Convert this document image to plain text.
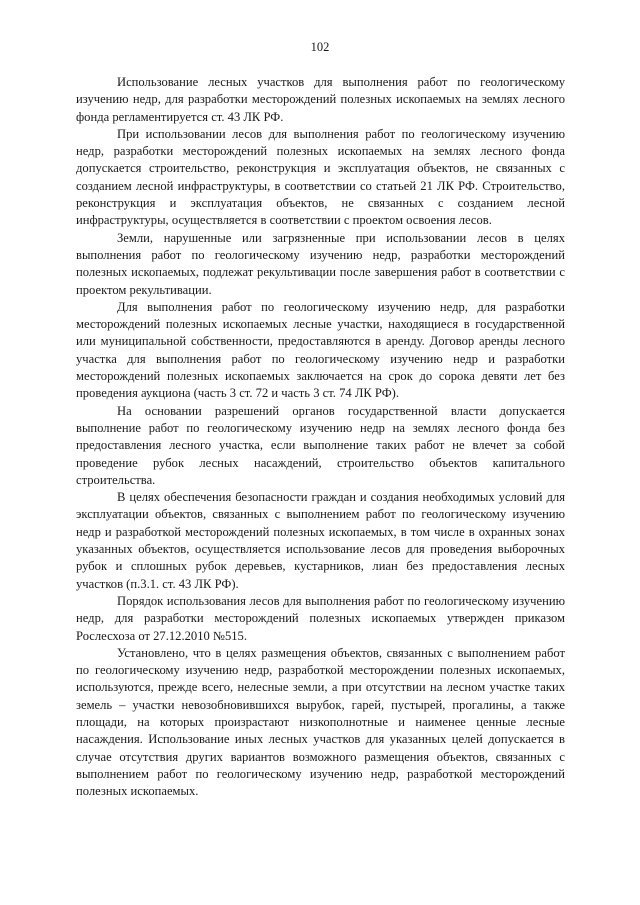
102

Использование лесных участков для выполнения работ по геологическому изучению недр, для разработки месторождений полезных ископаемых на землях лесного фонда регламентируется ст. 43 ЛК РФ.

При использовании лесов для выполнения работ по геологическому изучению недр, разработки месторождений полезных ископаемых на землях лесного фонда допускается строительство, реконструкция и эксплуатация объектов, не связанных с созданием лесной инфраструктуры, в соответствии со статьей 21 ЛК РФ. Строительство, реконструкция и эксплуатация объектов, не связанных с созданием лесной инфраструктуры, осуществляется в соответствии с проектом освоения лесов.

Земли, нарушенные или загрязненные при использовании лесов в целях выполнения работ по геологическому изучению недр, разработки месторождений полезных ископаемых, подлежат рекультивации после завершения работ в соответствии с проектом рекультивации.

Для выполнения работ по геологическому изучению недр, для разработки месторождений полезных ископаемых лесные участки, находящиеся в государственной или муниципальной собственности, предоставляются в аренду. Договор аренды лесного участка для выполнения работ по геологическому изучению недр и разработки месторождений полезных ископаемых заключается на срок до сорока девяти лет без проведения аукциона (часть 3 ст. 72 и часть 3 ст. 74 ЛК РФ).

На основании разрешений органов государственной власти допускается выполнение работ по геологическому изучению недр на землях лесного фонда без предоставления лесного участка, если выполнение таких работ не влечет за собой проведение рубок лесных насаждений, строительство объектов капитального строительства.

В целях обеспечения безопасности граждан и создания необходимых условий для эксплуатации объектов, связанных с выполнением работ по геологическому изучению недр и разработкой месторождений полезных ископаемых, в том числе в охранных зонах указанных объектов, осуществляется использование лесов для проведения выборочных рубок и сплошных рубок деревьев, кустарников, лиан без предоставления лесных участков (п.3.1. ст. 43 ЛК РФ).

Порядок использования лесов для выполнения работ по геологическому изучению недр, для разработки месторождений полезных ископаемых утвержден приказом Рослесхоза от 27.12.2010 №515.

Установлено, что в целях размещения объектов, связанных с выполнением работ по геологическому изучению недр, разработкой месторождении полезных ископаемых, используются, прежде всего, нелесные земли, а при отсутствии на лесном участке таких земель – участки невозобновившихся вырубок, гарей, пустырей, прогалины, а также площади, на которых произрастают низкополнотные и наименее ценные лесные насаждения. Использование иных лесных участков для указанных целей допускается в случае отсутствия других вариантов возможного размещения объектов, связанных с выполнением работ по геологическому изучению недр, разработкой месторождений полезных ископаемых.
